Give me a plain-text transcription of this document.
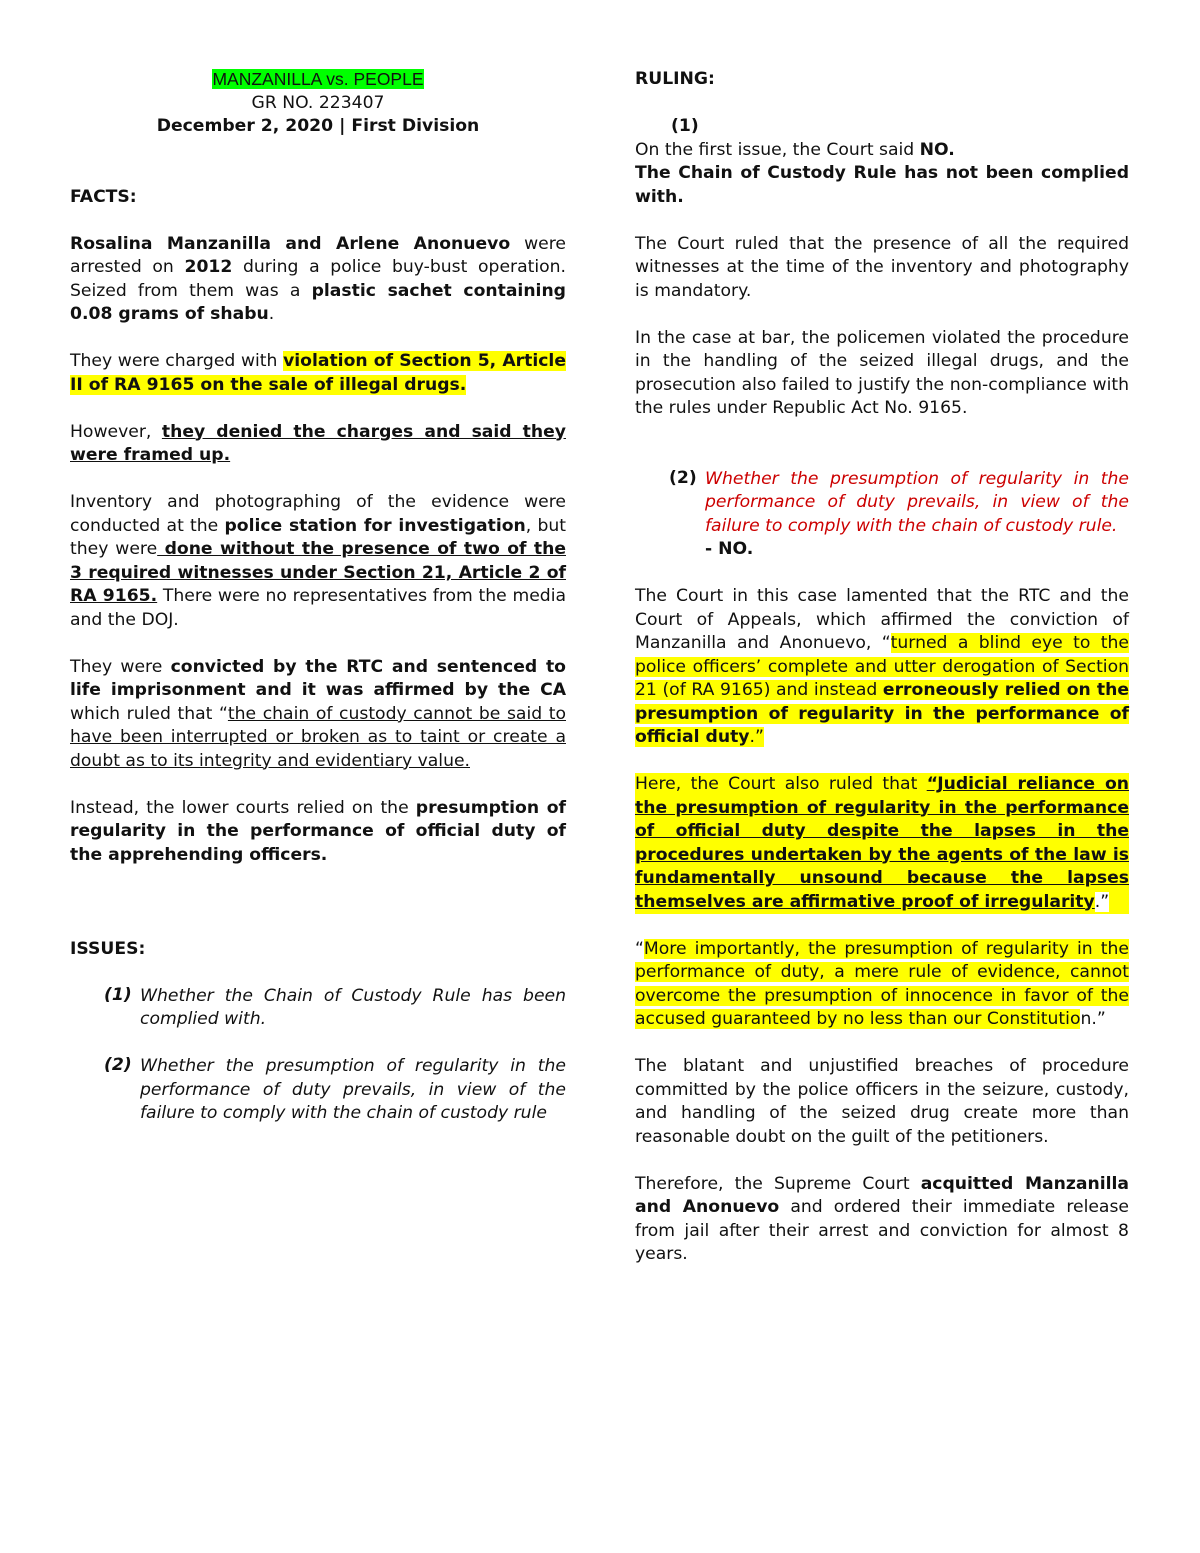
MANZANILLA vs. PEOPLE

GR NO. 223407

December 2, 2020 | First Division

FACTS:

Rosalina Manzanilla and Arlene Anonuevo were arrested on 2012 during a police buy-bust operation. Seized from them was a plastic sachet containing 0.08 grams of shabu.

They were charged with violation of Section 5, Article II of RA 9165 on the sale of illegal drugs.

However, they denied the charges and said they were framed up.

Inventory and photographing of the evidence were conducted at the police station for investigation, but they were done without the presence of two of the 3 required witnesses under Section 21, Article 2 of RA 9165. There were no representatives from the media and the DOJ.

They were convicted by the RTC and sentenced to life imprisonment and it was affirmed by the CA which ruled that “the chain of custody cannot be said to have been interrupted or broken as to taint or create a doubt as to its integrity and evidentiary value.

Instead, the lower courts relied on the presumption of regularity in the performance of official duty of the apprehending officers.

ISSUES:

(1) Whether the Chain of Custody Rule has been complied with.

(2) Whether the presumption of regularity in the performance of duty prevails, in view of the failure to comply with the chain of custody rule

RULING:

(1)

On the first issue, the Court said NO.

The Chain of Custody Rule has not been complied with.

The Court ruled that the presence of all the required witnesses at the time of the inventory and photography is mandatory.

In the case at bar, the policemen violated the procedure in the handling of the seized illegal drugs, and the prosecution also failed to justify the non-compliance with the rules under Republic Act No. 9165.

(2) Whether the presumption of regularity in the performance of duty prevails, in view of the failure to comply with the chain of custody rule.

- NO.

The Court in this case lamented that the RTC and the Court of Appeals, which affirmed the conviction of Manzanilla and Anonuevo, “turned a blind eye to the police officers’ complete and utter derogation of Section 21 (of RA 9165) and instead erroneously relied on the presumption of regularity in the performance of official duty.”

Here, the Court also ruled that “Judicial reliance on the presumption of regularity in the performance of official duty despite the lapses in the procedures undertaken by the agents of the law is fundamentally unsound because the lapses themselves are affirmative proof of irregularity.”

“More importantly, the presumption of regularity in the performance of duty, a mere rule of evidence, cannot overcome the presumption of innocence in favor of the accused guaranteed by no less than our Constitution.”

The blatant and unjustified breaches of procedure committed by the police officers in the seizure, custody, and handling of the seized drug create more than reasonable doubt on the guilt of the petitioners.

Therefore, the Supreme Court acquitted Manzanilla and Anonuevo and ordered their immediate release from jail after their arrest and conviction for almost 8 years.
